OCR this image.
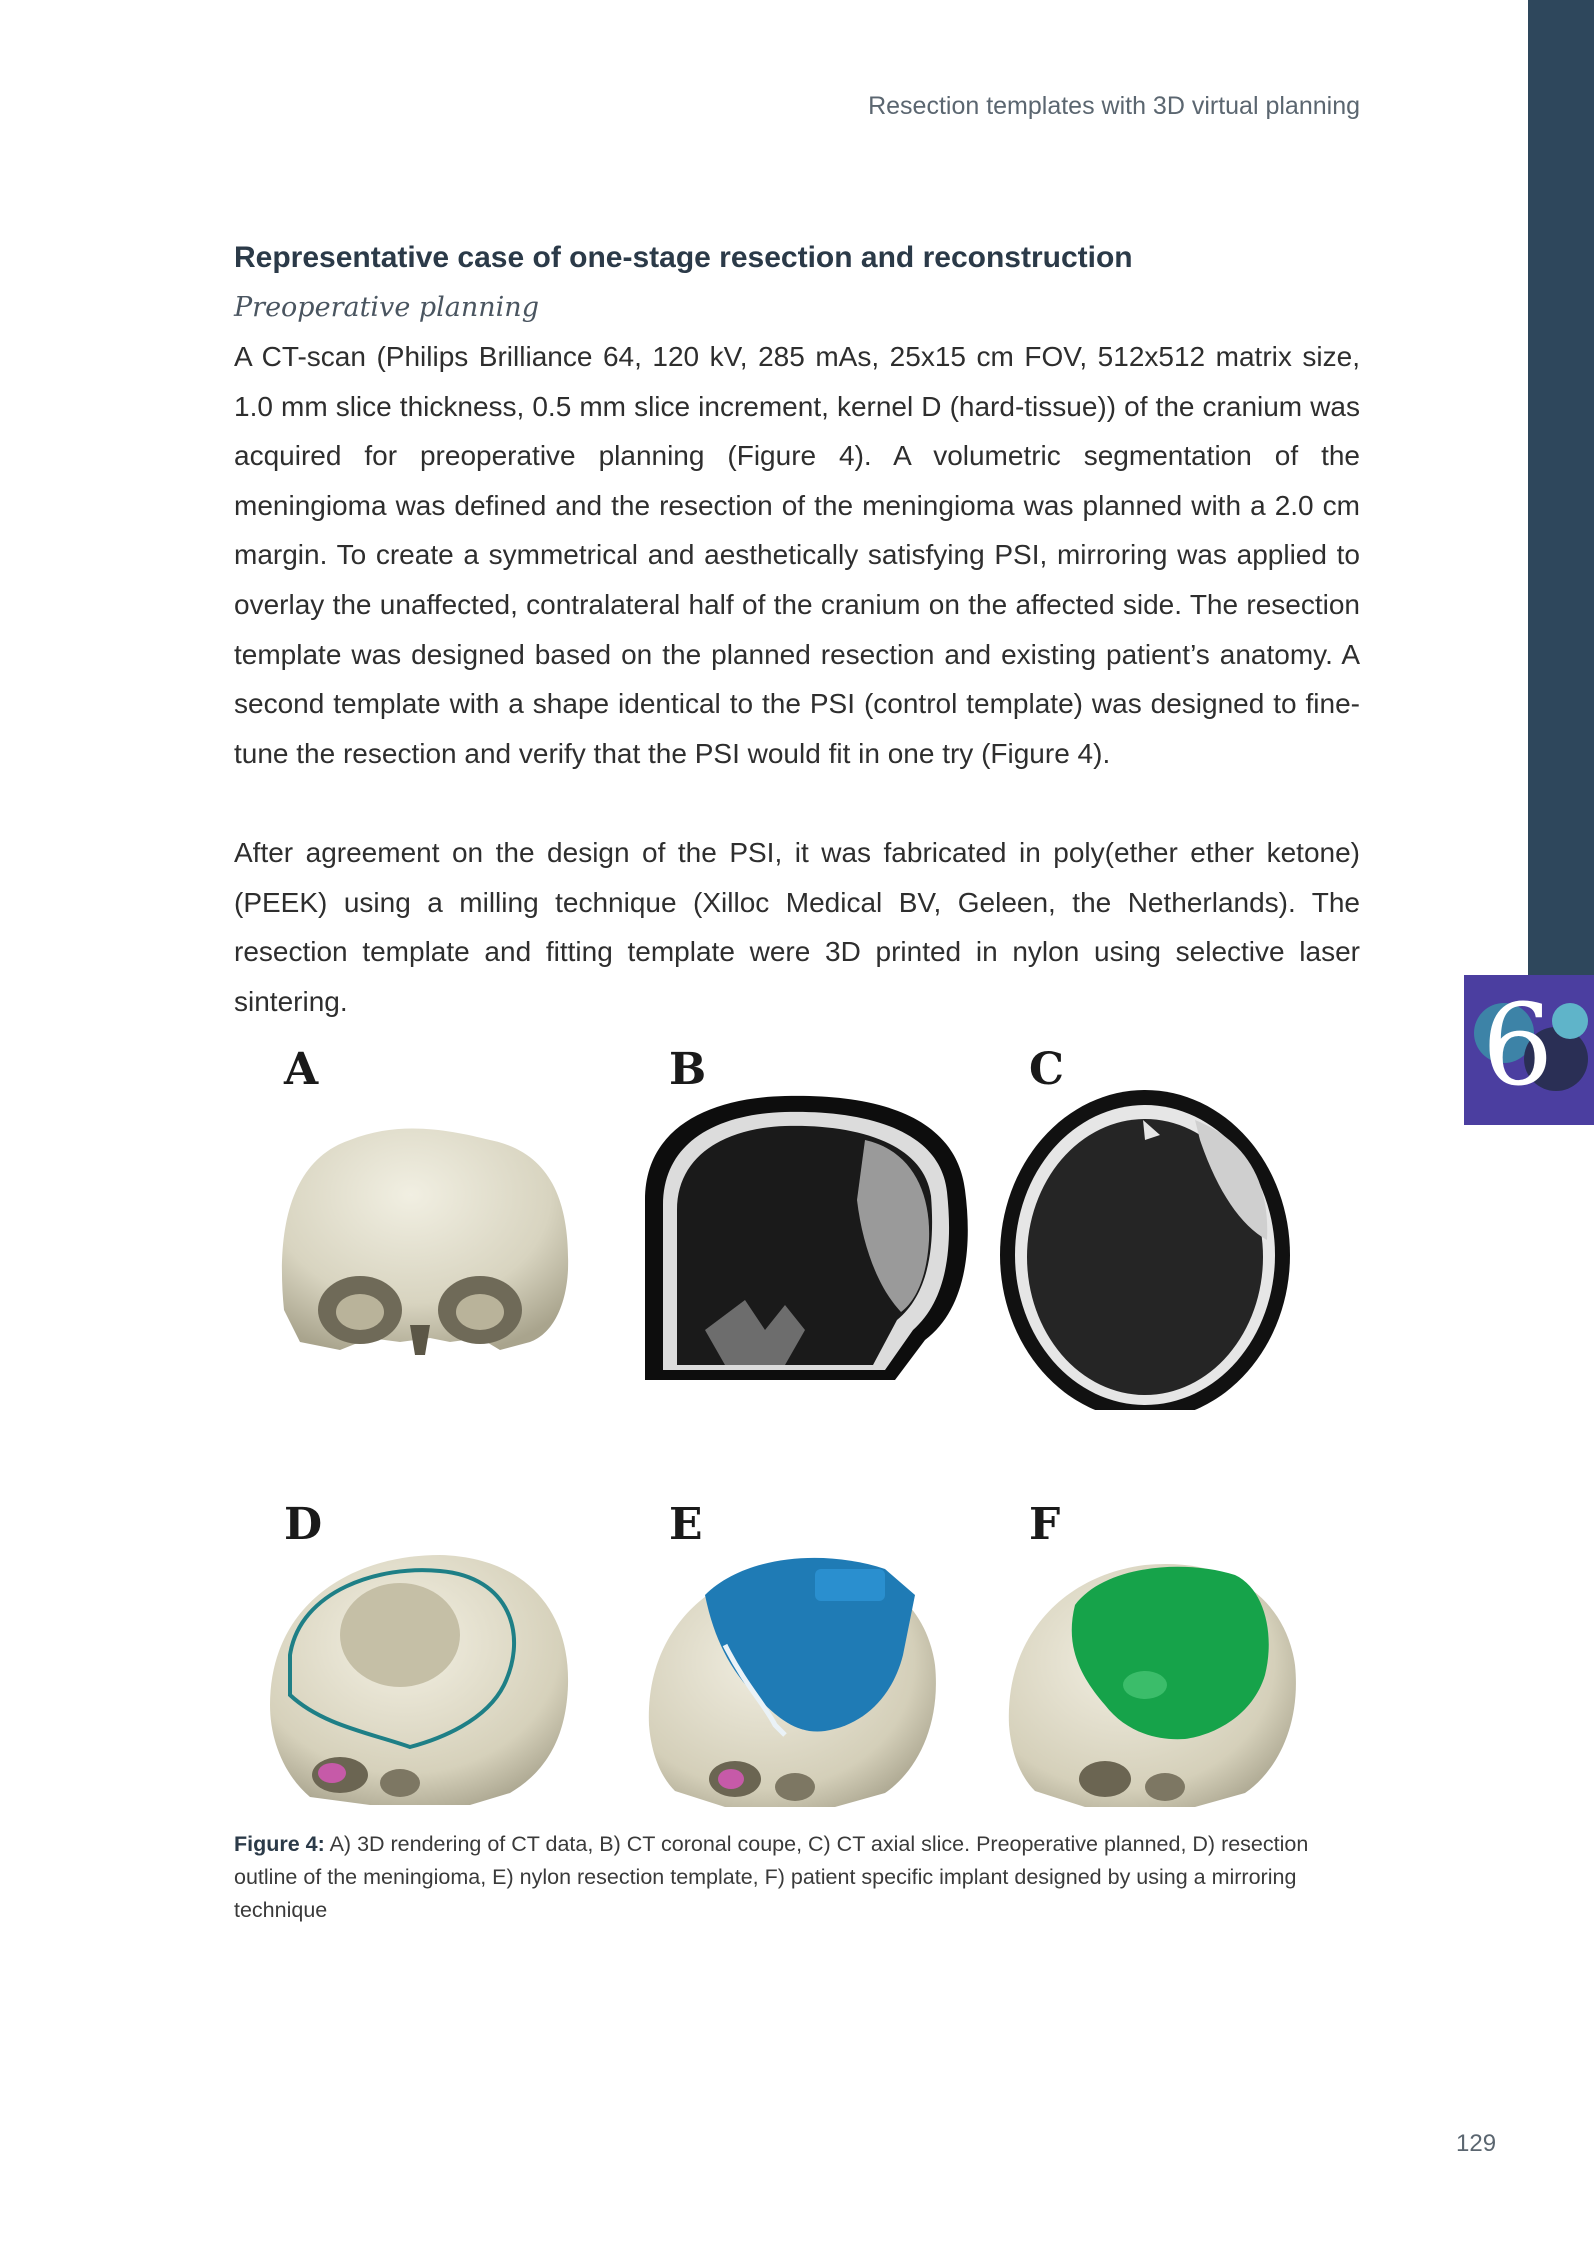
6
Resection templates with 3D virtual planning
Representative case of one-stage resection and reconstruction
Preoperative planning

A CT-scan (Philips Brilliance 64, 120 kV, 285 mAs, 25x15 cm FOV, 512x512 matrix size, 1.0 mm slice thickness, 0.5 mm slice increment, kernel D (hard-tissue)) of the cranium was acquired for preoperative planning (Figure 4). A volumetric segmentation of the meningioma was defined and the resection of the meningioma was planned with a 2.0 cm margin. To create a symmetrical and aesthetically satisfying PSI, mirroring was applied to overlay the unaffected, contralateral half of the cranium on the affected side. The resection template was designed based on the planned resection and existing patient’s anatomy. A second template with a shape identical to the PSI (control template) was designed to fine-tune the resection and verify that the PSI would fit in one try (Figure 4).

After agreement on the design of the PSI, it was fabricated in poly(ether ether ketone) (PEEK) using a milling technique (Xilloc Medical BV, Geleen, the Netherlands). The resection template and fitting template were 3D printed in nylon using selective laser sintering.

A	B	C
D	E	F
Figure 4: A) 3D rendering of CT data, B) CT coronal coupe, C) CT axial slice. Preoperative planned, D) resection outline of the meningioma, E) nylon resection template, F) patient specific implant designed by using a mirroring technique
129
